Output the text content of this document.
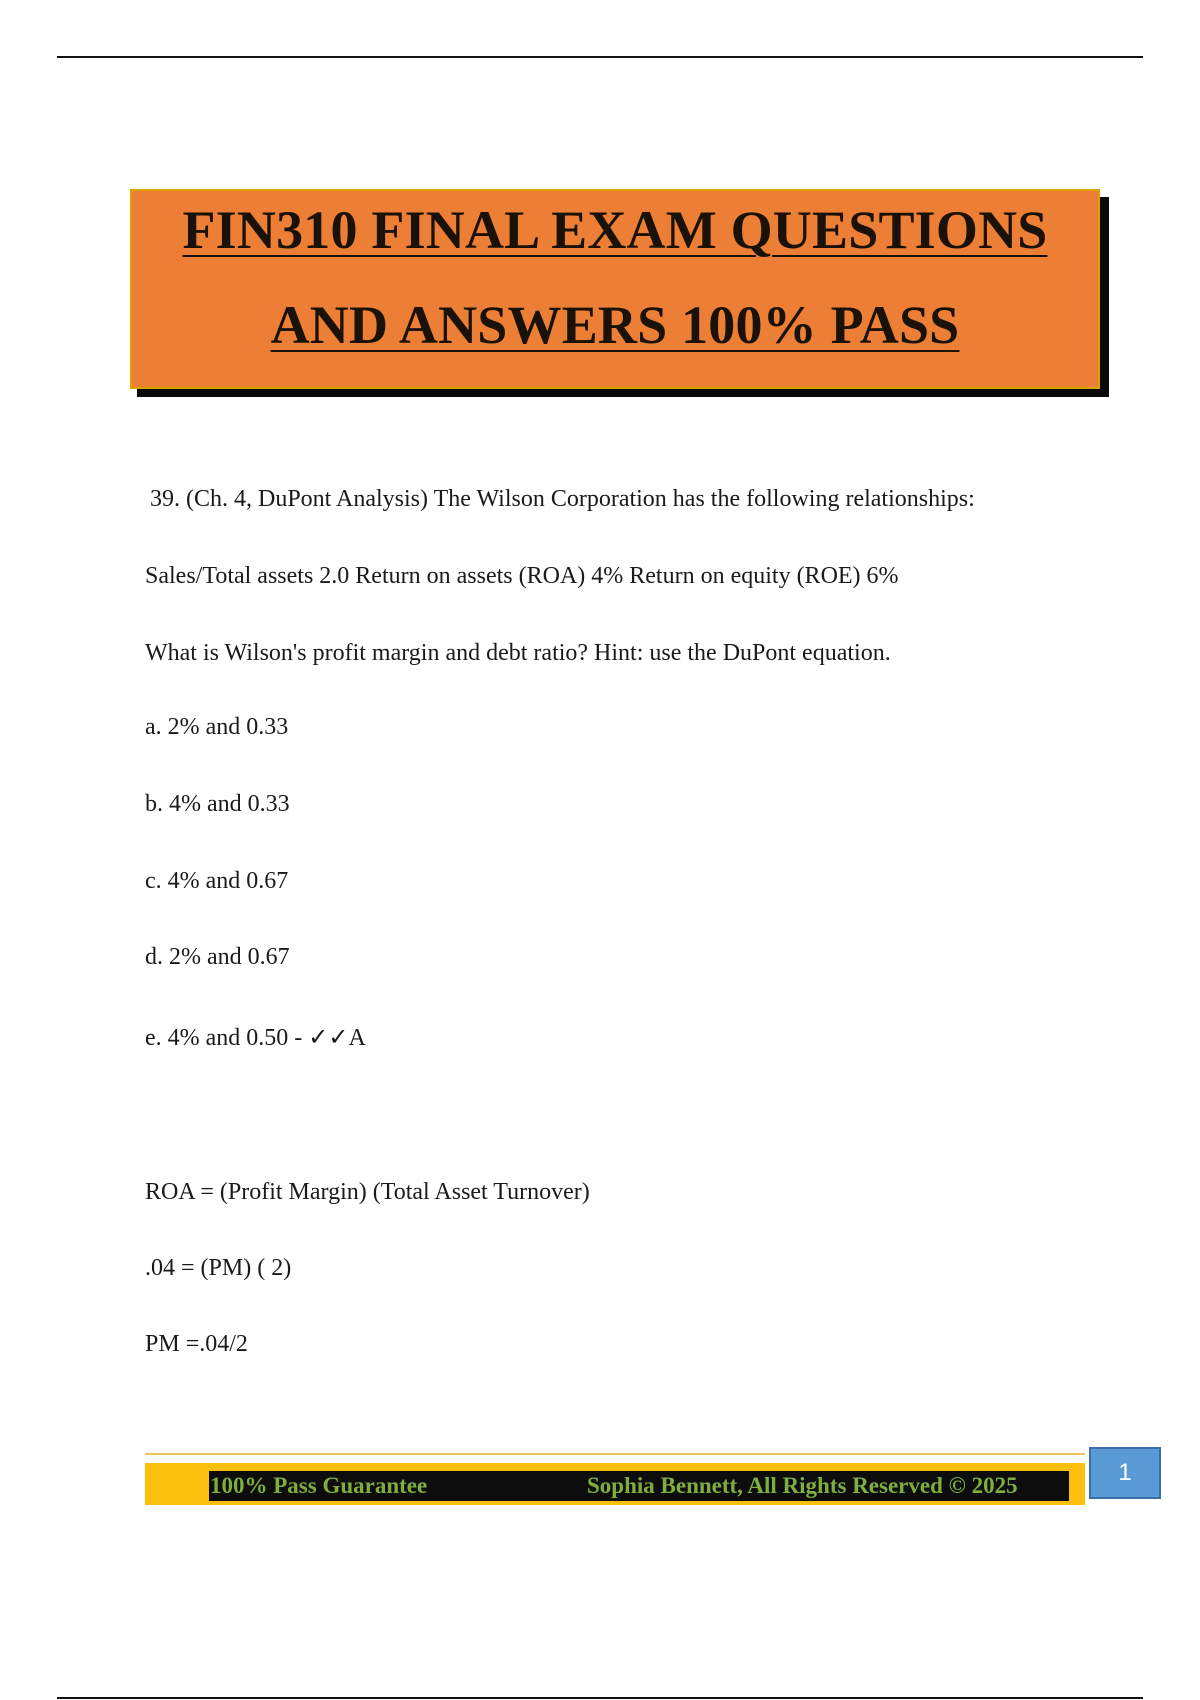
FIN310 FINAL EXAM QUESTIONS
AND ANSWERS 100% PASS
39. (Ch. 4, DuPont Analysis) The Wilson Corporation has the following relationships:
Sales/Total assets 2.0 Return on assets (ROA) 4% Return on equity (ROE) 6%
What is Wilson's profit margin and debt ratio? Hint: use the DuPont equation.
a. 2% and 0.33
b. 4% and 0.33
c. 4% and 0.67
d. 2% and 0.67
e. 4% and 0.50 - ✓✓A
ROA = (Profit Margin) (Total Asset Turnover)
.04 = (PM) ( 2)
PM =.04/2
100% Pass Guarantee	Sophia Bennett, All Rights Reserved © 2025	1
